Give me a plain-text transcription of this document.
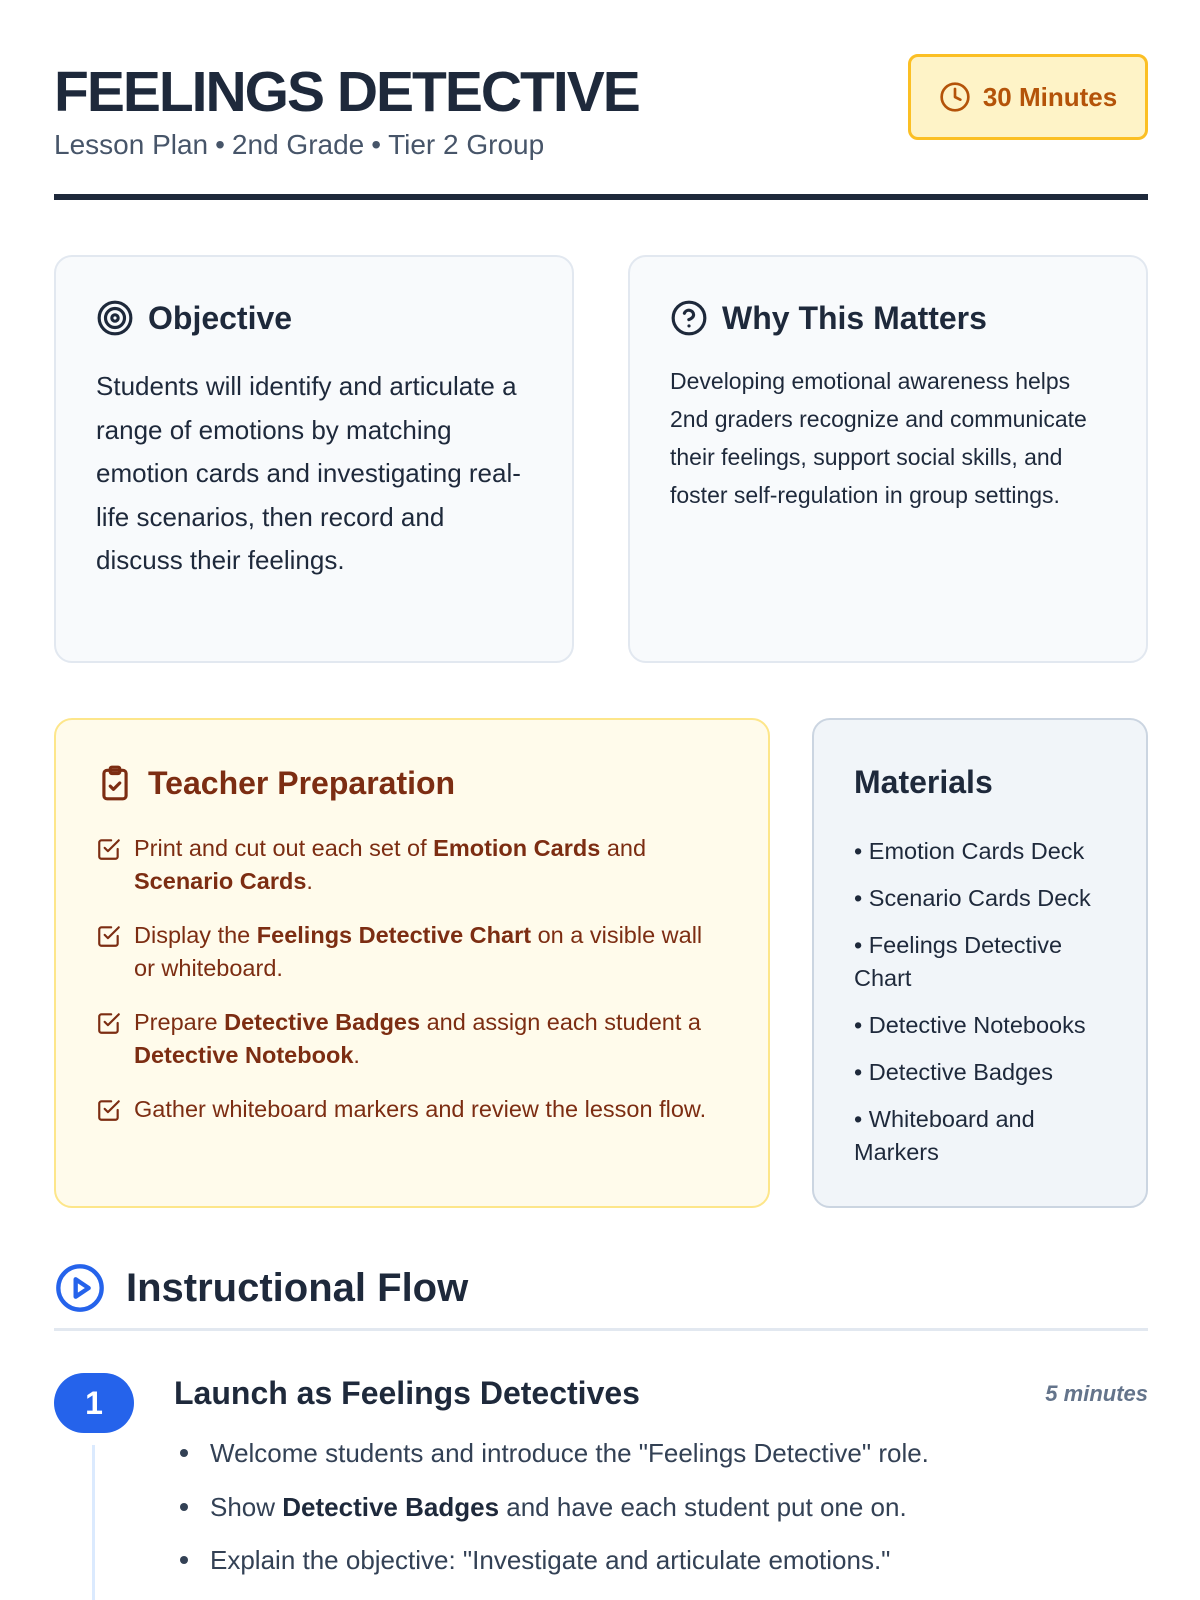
FEELINGS DETECTIVE
Lesson Plan • 2nd Grade • Tier 2 Group
30 Minutes
Objective

Students will identify and articulate a range of emotions by matching emotion cards and investigating real-life scenarios, then record and discuss their feelings.

Why This Matters

Developing emotional awareness helps 2nd graders recognize and communicate their feelings, support social skills, and foster self-regulation in group settings.

Teacher Preparation
Print and cut out each set of Emotion Cards and Scenario Cards.
Display the Feelings Detective Chart on a visible wall or whiteboard.
Prepare Detective Badges and assign each student a Detective Notebook.
Gather whiteboard markers and review the lesson flow.
Materials
• Emotion Cards Deck
• Scenario Cards Deck
• Feelings Detective Chart
• Detective Notebooks
• Detective Badges
• Whiteboard and Markers
Instructional Flow
1	Launch as Feelings Detectives	5 minutes
Welcome students and introduce the "Feelings Detective" role.
Show Detective Badges and have each student put one on.
Explain the objective: "Investigate and articulate emotions."
